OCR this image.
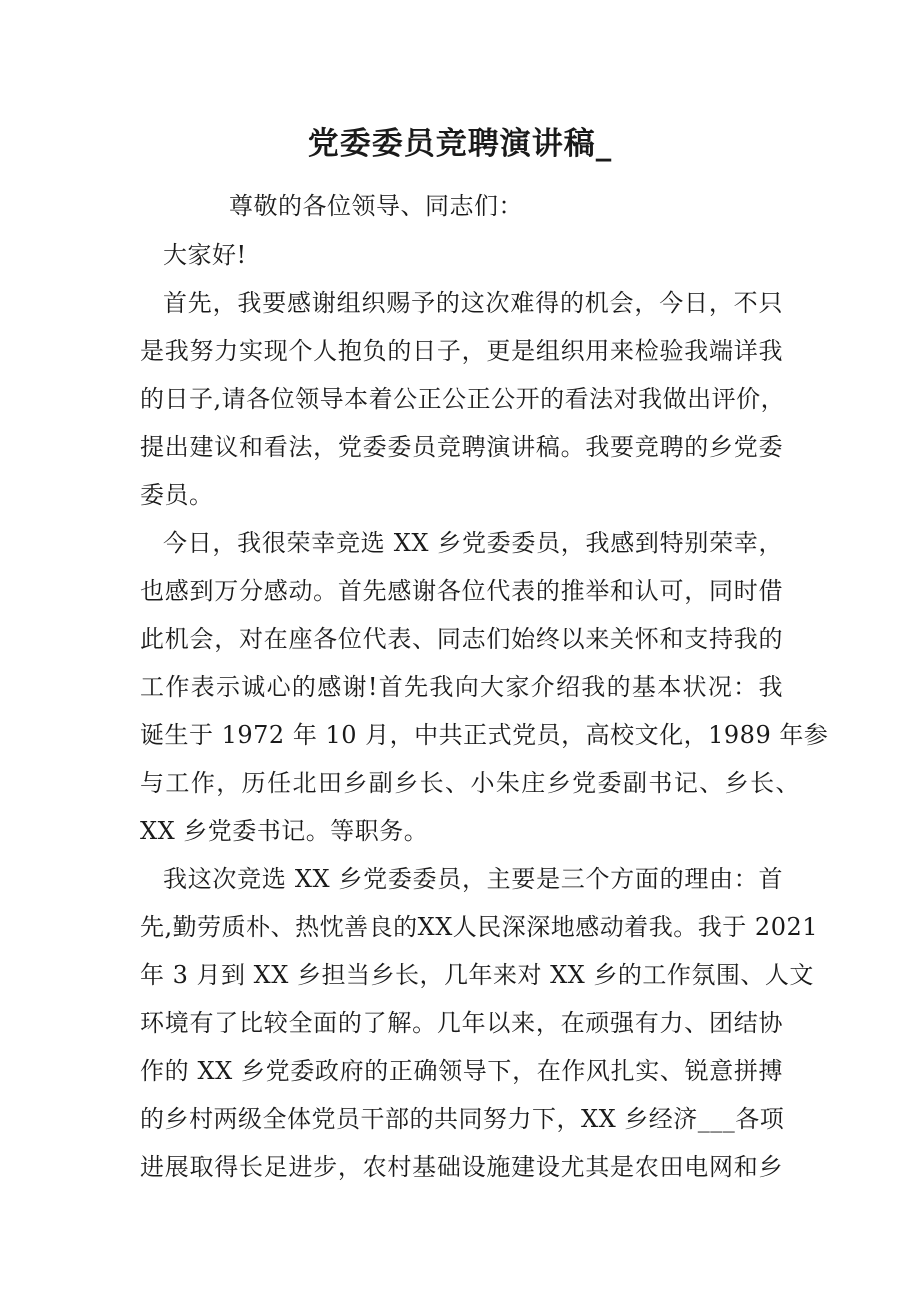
党委委员竞聘演讲稿_
尊敬的各位领导、同志们：
大家好!
首先，我要感谢组织赐予的这次难得的机会，今日，不只
是我努力实现个人抱负的日子，更是组织用来检验我端详我
的日子,请各位领导本着公正公正公开的看法对我做出评价，
提出建议和看法，党委委员竞聘演讲稿。我要竞聘的乡党委
委员。
今日，我很荣幸竞选 XX 乡党委委员，我感到特别荣幸，
也感到万分感动。首先感谢各位代表的推举和认可，同时借
此机会，对在座各位代表、同志们始终以来关怀和支持我的
工作表示诚心的感谢!首先我向大家介绍我的基本状况：我
诞生于 1972 年 10 月，中共正式党员，高校文化，1989 年参
与工作，历任北田乡副乡长、小朱庄乡党委副书记、乡长、
XX 乡党委书记。等职务。
我这次竞选 XX 乡党委委员，主要是三个方面的理由：首
先,勤劳质朴、热忱善良的XX人民深深地感动着我。我于 2021
年 3 月到 XX 乡担当乡长，几年来对 XX 乡的工作氛围、人文
环境有了比较全面的了解。几年以来，在顽强有力、团结协
作的 XX 乡党委政府的正确领导下，在作风扎实、锐意拼搏
的乡村两级全体党员干部的共同努力下，XX 乡经济___各项
进展取得长足进步，农村基础设施建设尤其是农田电网和乡
